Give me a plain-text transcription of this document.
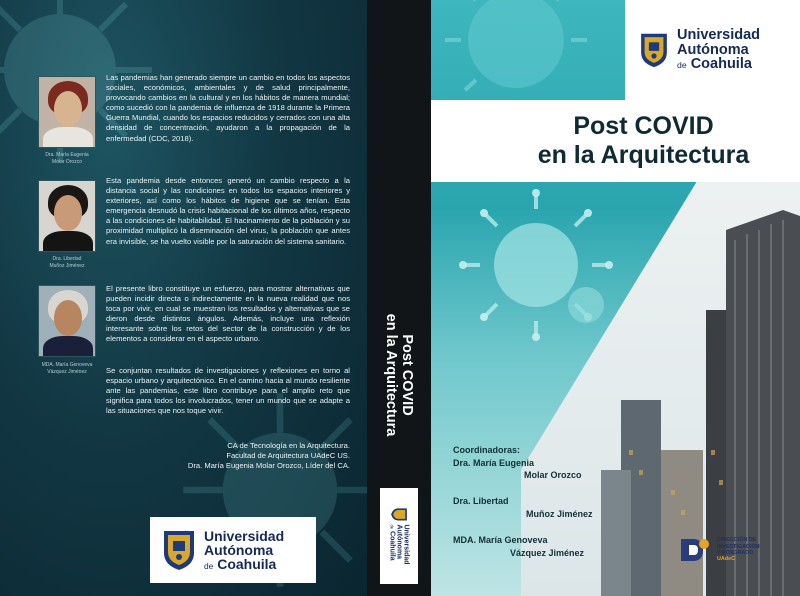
Dra. María Eugenia
Molar Orozco
Dra. Libertad
Muñoz Jiménez
MDA. María Genoveva
Vázquez Jiménez

Las pandemias han generado siempre un cambio en todos los aspectos sociales, económicos, ambientales y de salud principalmente, provocando cambios en la cultural y en los hábitos de manera mundial; como sucedió con la pandemia de influenza de 1918 durante la Primera Guerra Mundial, cuando los espacios reducidos y cerrados con una alta densidad de concentración, ayudaron a la propagación de la enfermedad (CDC, 2018).

Esta pandemia desde entonces generó un cambio respecto a la distancia social y las condiciones en todos los espacios interiores y exteriores, así como los hábitos de higiene que se tenían. Esta emergencia desnudó la crisis habitacional de los últimos años, respecto a las condiciones de habitabilidad. El hacinamiento de la población y su proximidad multiplicó la diseminación del virus, la población que antes era invisible, se ha vuelto visible por la saturación del sistema sanitario.

El presente libro constituye un esfuerzo, para mostrar alternativas que pueden incidir directa o indirectamente en la nueva realidad que nos toca por vivir, en cual se muestran los resultados y alternativas que se dieron desde distintos ángulos. Además, incluye una reflexión interesante sobre los retos del sector de la construcción y de los elementos a considerar en el aspecto urbano.

Se conjuntan resultados de investigaciones y reflexiones en torno al espacio urbano y arquitectónico. En el camino hacia al mundo resiliente ante las pandemias, este libro contribuye para el amplio reto que significa para todos los involucrados, tener un mundo que se adapte a las situaciones que nos toque vivir.

CA de Tecnología en la Arquitectura.
Facultad de Arquitectura UAdeC US.
Dra. María Eugenia Molar Orozco, Líder del CA.
Universidad
Autónoma
de Coahuila
Post COVID
en la Arquitectura
Universidad
Autónoma
de Coahuila
Universidad
Autónoma
de Coahuila
Post COVID
en la Arquitectura
Coordinadoras:
Dra. María Eugenia
Molar Orozco
Dra. Libertad
Muñoz Jiménez
MDA. María Genoveva
Vázquez Jiménez
DIRECCIÓN DE
INVESTIGACIÓN
Y POSGRADO
UAdeC
